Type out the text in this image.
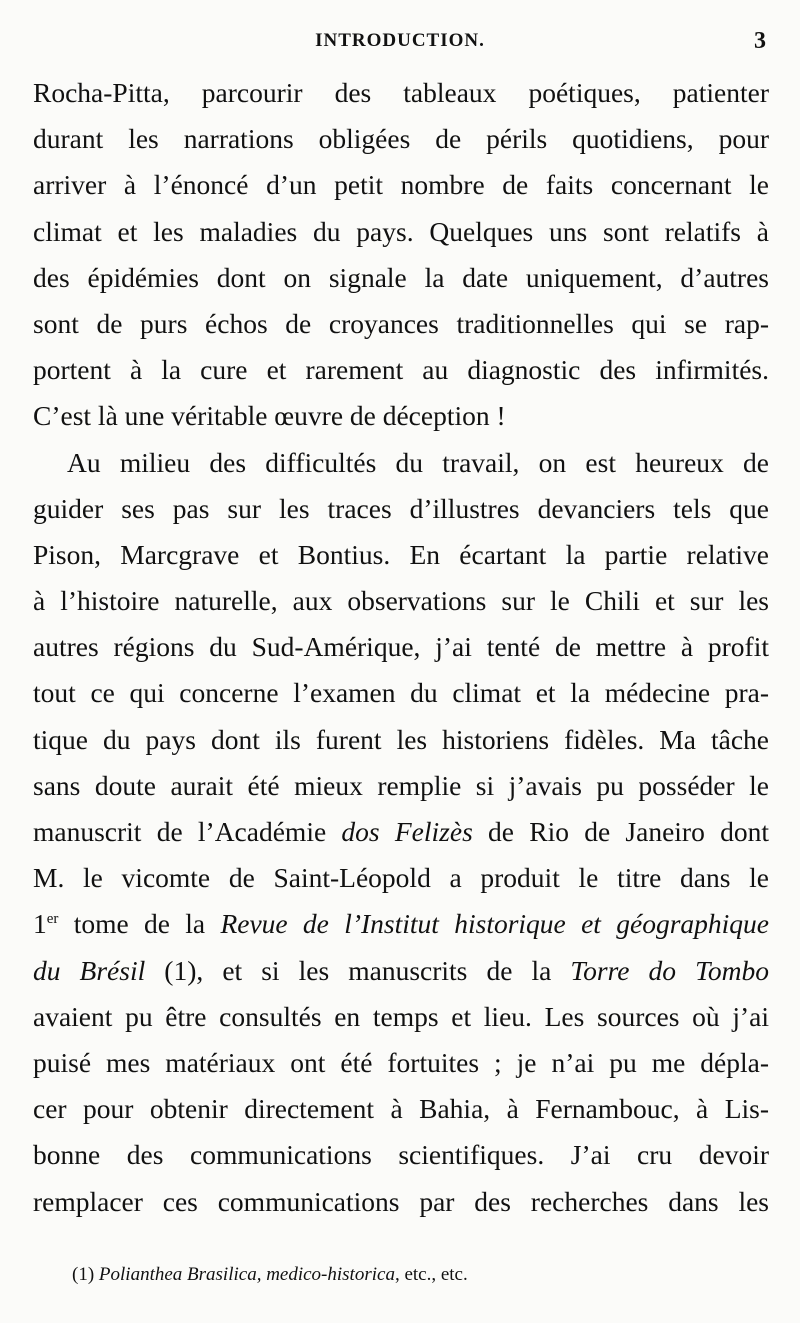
INTRODUCTION.	3
Rocha-Pitta, parcourir des tableaux poétiques, patienter
durant les narrations obligées de périls quotidiens, pour
arriver à l’énoncé d’un petit nombre de faits concernant le
climat et les maladies du pays. Quelques uns sont relatifs à
des épidémies dont on signale la date uniquement, d’autres
sont de purs échos de croyances traditionnelles qui se rap-
portent à la cure et rarement au diagnostic des infirmités.
C’est là une véritable œuvre de déception !
Au milieu des difficultés du travail, on est heureux de
guider ses pas sur les traces d’illustres devanciers tels que
Pison, Marcgrave et Bontius. En écartant la partie relative
à l’histoire naturelle, aux observations sur le Chili et sur les
autres régions du Sud-Amérique, j’ai tenté de mettre à profit
tout ce qui concerne l’examen du climat et la médecine pra-
tique du pays dont ils furent les historiens fidèles. Ma tâche
sans doute aurait été mieux remplie si j’avais pu posséder le
manuscrit de l’Académie dos Felizès de Rio de Janeiro dont
M. le vicomte de Saint-Léopold a produit le titre dans le
1er tome de la Revue de l’Institut historique et géographique
du Brésil (1), et si les manuscrits de la Torre do Tombo
avaient pu être consultés en temps et lieu. Les sources où j’ai
puisé mes matériaux ont été fortuites ; je n’ai pu me dépla-
cer pour obtenir directement à Bahia, à Fernambouc, à Lis-
bonne des communications scientifiques. J’ai cru devoir
remplacer ces communications par des recherches dans les
(1) Polianthea Brasilica, medico-historica, etc., etc.
